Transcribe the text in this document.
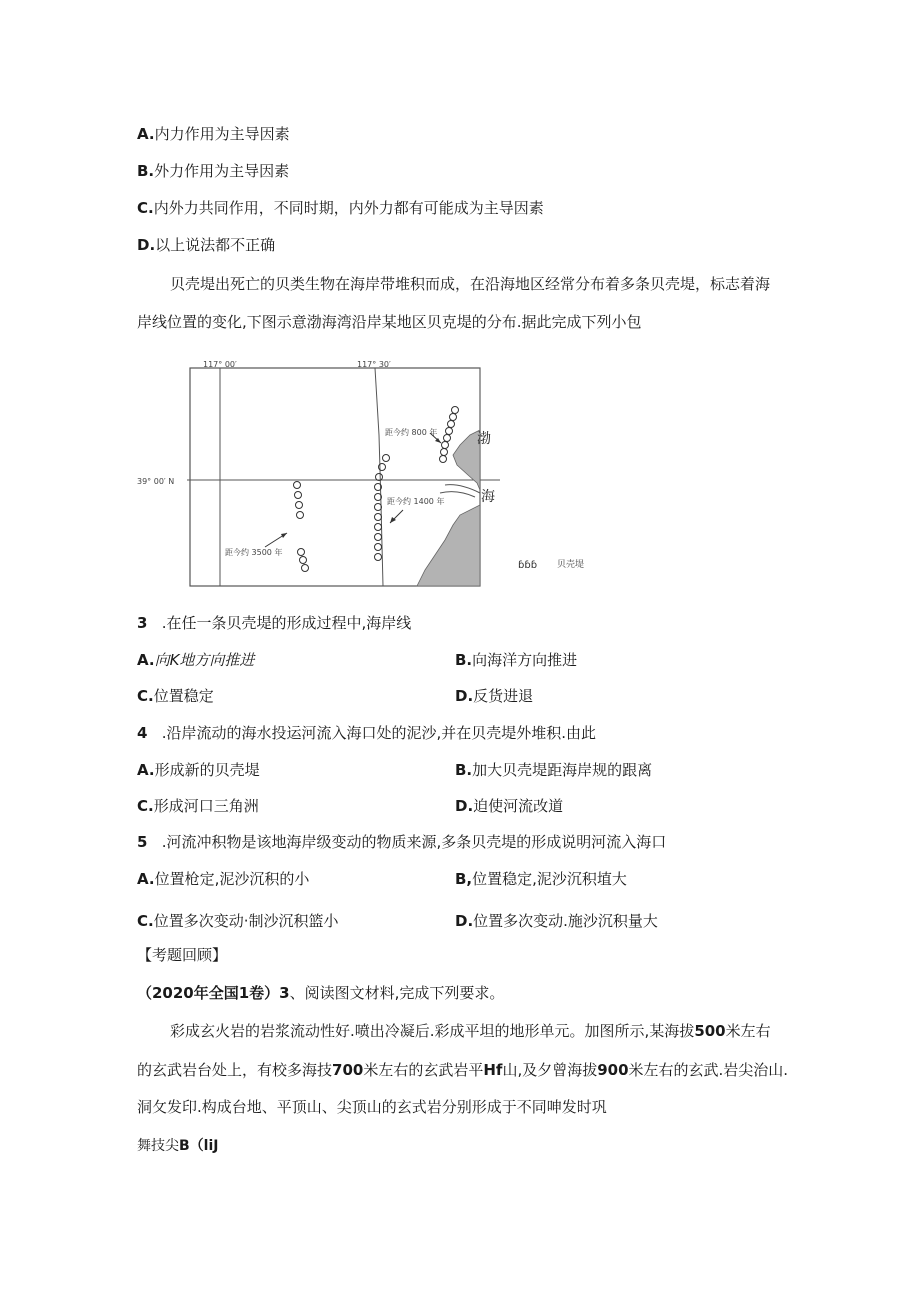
A.内力作用为主导因素
B.外力作用为主导因素
C.内外力共同作用，不同时期，内外力都有可能成为主导因素
D.以上说法都不正确
贝壳堤出死亡的贝类生物在海岸带堆积而成，在沿海地区经常分布着多条贝壳堤，标志着海
岸线位置的变化,下图示意渤海湾沿岸某地区贝克堤的分布.据此完成下列小包
117° 00′	117° 30′
39° 00′ N
距今约 800 年
距今约 1400 年
距今约 3500 年
渤
海
ɓɓɓ 贝壳堤
3 .在任一条贝壳堤的形成过程中,海岸线
A.向K地方向推进	B.向海洋方向推进
C.位置稳定	D.反货进退
4 .沿岸流动的海水投运河流入海口处的泥沙,并在贝壳堤外堆积.由此
A.形成新的贝壳堤	B.加大贝壳堤距海岸规的跟离
C.形成河口三角洲	D.迫使河流改道
5 .河流冲积物是该地海岸级变动的物质来源,多条贝壳堤的形成说明河流入海口
A.位置枪定,泥沙沉积的小	B,位置稳定,泥沙沉积埴大
C.位置多次变动·制沙沉积篮小	D.位置多次变动.施沙沉积量大
【考题回顾】
（2020年全国1卷）3、阅读图文材料,完成下列要求。
彩成玄火岩的岩浆流动性好.喷出冷凝后.彩成平坦的地形单元。加图所示,某海拔500米左右
的玄武岩台处上，有校多海技700米左右的玄武岩平Hf山,及夕曾海拔900米左右的玄武.岩尖治山.
洞攵发印.构成台地、平顶山、尖顶山的玄式岩分别形成于不同呻发时巩
舞技尖B（liJ
